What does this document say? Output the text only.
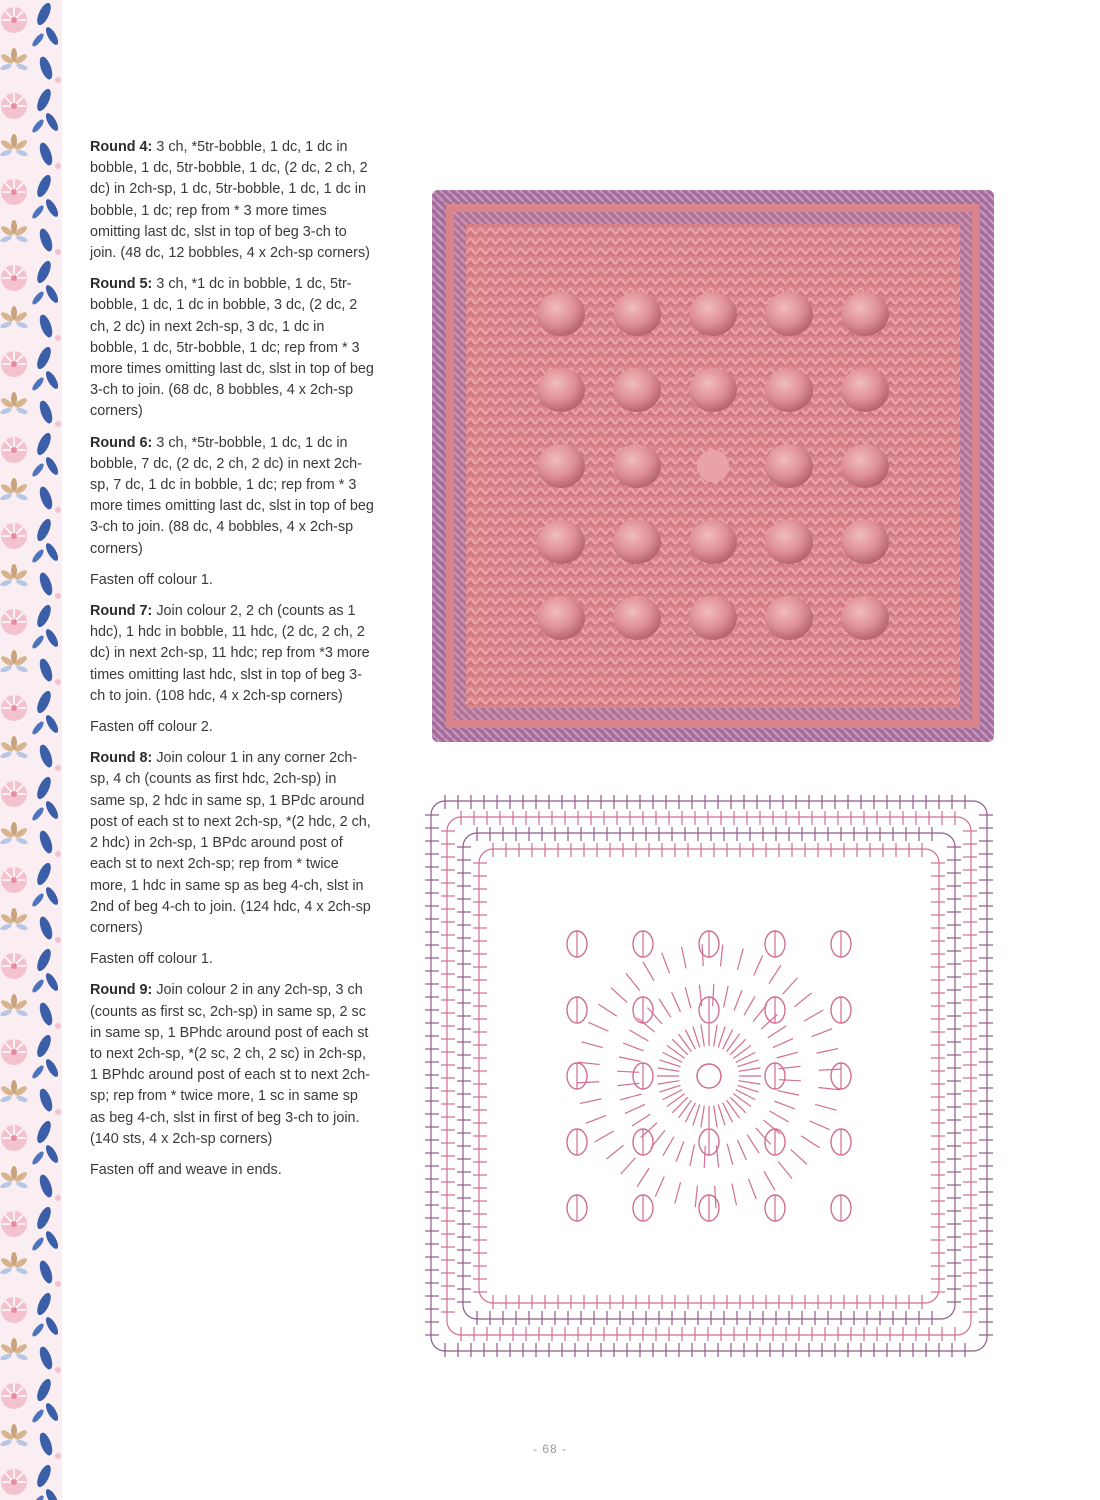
Round 4: 3 ch, *5tr-bobble, 1 dc, 1 dc in bobble, 1 dc, 5tr-bobble, 1 dc, (2 dc, 2 ch, 2 dc) in 2ch-sp, 1 dc, 5tr-bobble, 1 dc, 1 dc in bobble, 1 dc; rep from * 3 more times omitting last dc, slst in top of beg 3-ch to join. (48 dc, 12 bobbles, 4 x 2ch-sp corners)

Round 5: 3 ch, *1 dc in bobble, 1 dc, 5tr-bobble, 1 dc, 1 dc in bobble, 3 dc, (2 dc, 2 ch, 2 dc) in next 2ch-sp, 3 dc, 1 dc in bobble, 1 dc, 5tr-bobble, 1 dc; rep from * 3 more times omitting last dc, slst in top of beg 3-ch to join. (68 dc, 8 bobbles, 4 x 2ch-sp corners)

Round 6: 3 ch, *5tr-bobble, 1 dc, 1 dc in bobble, 7 dc, (2 dc, 2 ch, 2 dc) in next 2ch-sp, 7 dc, 1 dc in bobble, 1 dc; rep from * 3 more times omitting last dc, slst in top of beg 3-ch to join. (88 dc, 4 bobbles, 4 x 2ch-sp corners)

Fasten off colour 1.

Round 7: Join colour 2, 2 ch (counts as 1 hdc), 1 hdc in bobble, 11 hdc, (2 dc, 2 ch, 2 dc) in next 2ch-sp, 11 hdc; rep from *3 more times omitting last hdc, slst in top of beg 3-ch to join. (108 hdc, 4 x 2ch-sp corners)

Fasten off colour 2.

Round 8: Join colour 1 in any corner 2ch-sp, 4 ch (counts as first hdc, 2ch-sp) in same sp, 2 hdc in same sp, 1 BPdc around post of each st to next 2ch-sp, *(2 hdc, 2 ch, 2 hdc) in 2ch-sp, 1 BPdc around post of each st to next 2ch-sp; rep from * twice more, 1 hdc in same sp as beg 4-ch, slst in 2nd of beg 4-ch to join. (124 hdc, 4 x 2ch-sp corners)

Fasten off colour 1.

Round 9: Join colour 2 in any 2ch-sp, 3 ch (counts as first sc, 2ch-sp) in same sp, 2 sc in same sp, 1 BPhdc around post of each st to next 2ch-sp, *(2 sc, 2 ch, 2 sc) in 2ch-sp, 1 BPhdc around post of each st to next 2ch-sp; rep from * twice more, 1 sc in same sp as beg 4-ch, slst in first of beg 3-ch to join. (140 sts, 4 x 2ch-sp corners)

Fasten off and weave in ends.

- 68 -
